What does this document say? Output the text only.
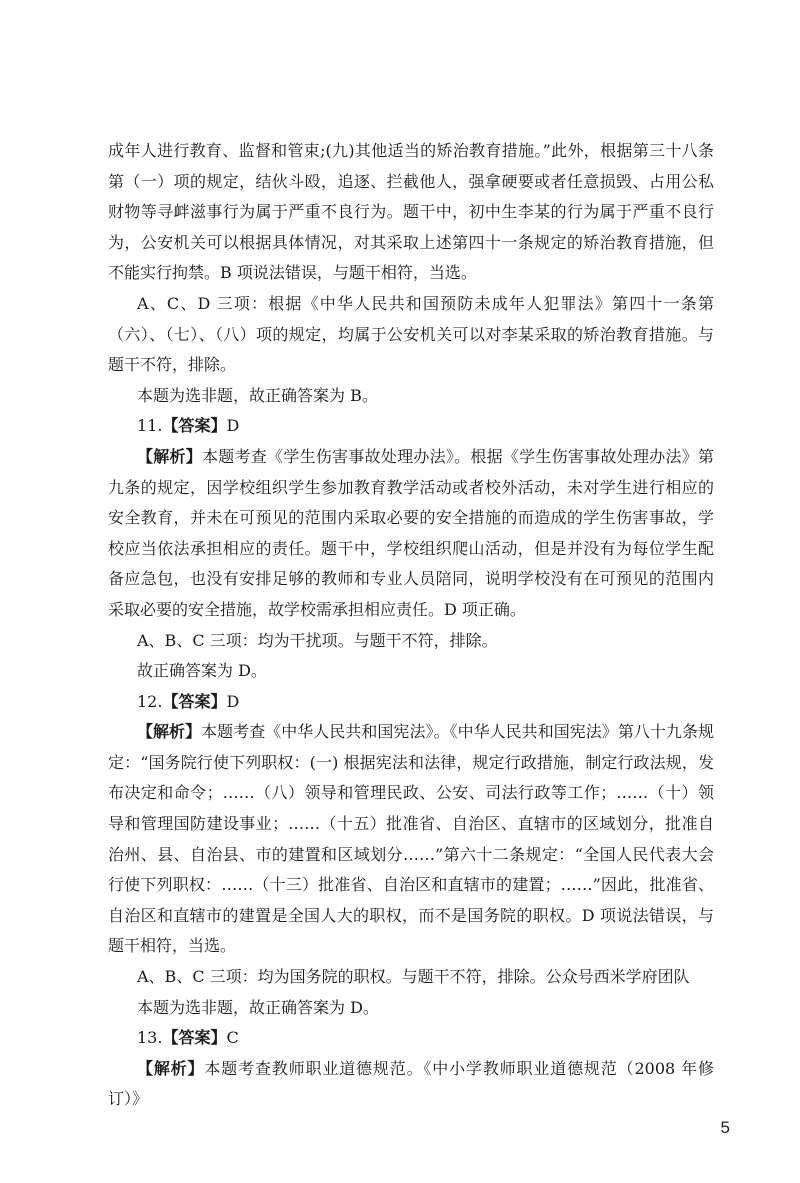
成年人进行教育、监督和管束;(九)其他适当的矫治教育措施。”此外，根据第三十八条第（一）项的规定，结伙斗殴，追逐、拦截他人，强拿硬要或者任意损毁、占用公私财物等寻衅滋事行为属于严重不良行为。题干中，初中生李某的行为属于严重不良行为，公安机关可以根据具体情况，对其采取上述第四十一条规定的矫治教育措施，但不能实行拘禁。B 项说法错误，与题干相符，当选。

A、C、D 三项：根据《中华人民共和国预防未成年人犯罪法》第四十一条第（六）、（七）、（八）项的规定，均属于公安机关可以对李某采取的矫治教育措施。与题干不符，排除。

本题为选非题，故正确答案为 B。

11.【答案】D

【解析】本题考查《学生伤害事故处理办法》。根据《学生伤害事故处理办法》第九条的规定，因学校组织学生参加教育教学活动或者校外活动，未对学生进行相应的安全教育，并未在可预见的范围内采取必要的安全措施的而造成的学生伤害事故，学校应当依法承担相应的责任。题干中，学校组织爬山活动，但是并没有为每位学生配备应急包，也没有安排足够的教师和专业人员陪同，说明学校没有在可预见的范围内采取必要的安全措施，故学校需承担相应责任。D 项正确。

A、B、C 三项：均为干扰项。与题干不符，排除。

故正确答案为 D。

12.【答案】D

【解析】本题考查《中华人民共和国宪法》。《中华人民共和国宪法》第八十九条规定：“国务院行使下列职权：(一) 根据宪法和法律，规定行政措施，制定行政法规，发布决定和命令；……（八）领导和管理民政、公安、司法行政等工作；……（十）领导和管理国防建设事业；……（十五）批准省、自治区、直辖市的区域划分，批准自治州、县、自治县、市的建置和区域划分……”第六十二条规定：“全国人民代表大会行使下列职权：……（十三）批准省、自治区和直辖市的建置；……”因此，批准省、自治区和直辖市的建置是全国人大的职权，而不是国务院的职权。D 项说法错误，与题干相符，当选。

A、B、C 三项：均为国务院的职权。与题干不符，排除。公众号西米学府团队

本题为选非题，故正确答案为 D。

13.【答案】C

【解析】本题考查教师职业道德规范。《中小学教师职业道德规范（2008 年修订）》

5
